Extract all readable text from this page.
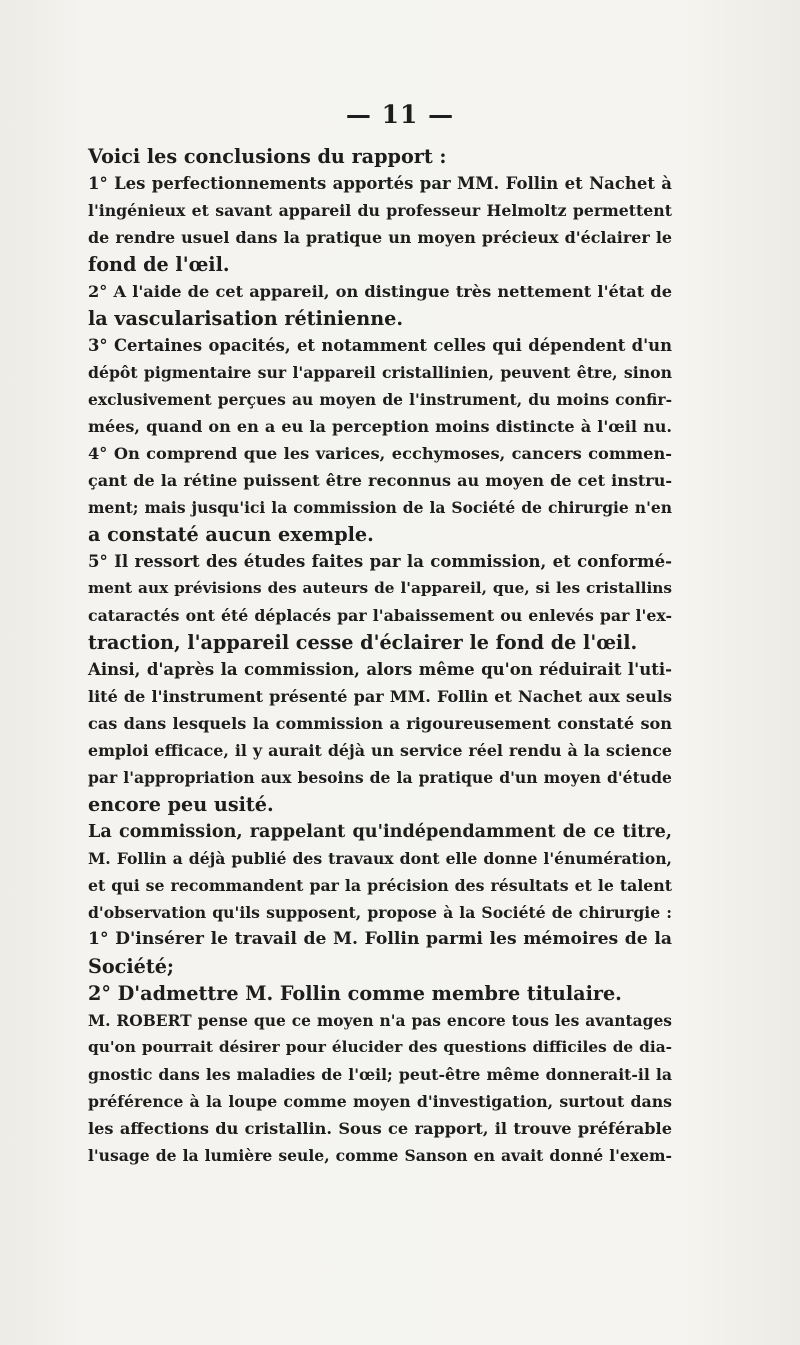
— 11 —
Voici les conclusions du rapport :
1° Les perfectionnements apportés par MM. Follin et Nachet à
l'ingénieux et savant appareil du professeur Helmoltz permettent
de rendre usuel dans la pratique un moyen précieux d'éclairer le
fond de l'œil.
2° A l'aide de cet appareil, on distingue très nettement l'état de
la vascularisation rétinienne.
3° Certaines opacités, et notamment celles qui dépendent d'un
dépôt pigmentaire sur l'appareil cristallinien, peuvent être, sinon
exclusivement perçues au moyen de l'instrument, du moins confir-
mées, quand on en a eu la perception moins distincte à l'œil nu.
4° On comprend que les varices, ecchymoses, cancers commen-
çant de la rétine puissent être reconnus au moyen de cet instru-
ment; mais jusqu'ici la commission de la Société de chirurgie n'en
a constaté aucun exemple.
5° Il ressort des études faites par la commission, et conformé-
ment aux prévisions des auteurs de l'appareil, que, si les cristallins
cataractés ont été déplacés par l'abaissement ou enlevés par l'ex-
traction, l'appareil cesse d'éclairer le fond de l'œil.
Ainsi, d'après la commission, alors même qu'on réduirait l'uti-
lité de l'instrument présenté par MM. Follin et Nachet aux seuls
cas dans lesquels la commission a rigoureusement constaté son
emploi efficace, il y aurait déjà un service réel rendu à la science
par l'appropriation aux besoins de la pratique d'un moyen d'étude
encore peu usité.
La commission, rappelant qu'indépendamment de ce titre,
M. Follin a déjà publié des travaux dont elle donne l'énumération,
et qui se recommandent par la précision des résultats et le talent
d'observation qu'ils supposent, propose à la Société de chirurgie :
1° D'insérer le travail de M. Follin parmi les mémoires de la
Société;
2° D'admettre M. Follin comme membre titulaire.
M. ROBERT pense que ce moyen n'a pas encore tous les avantages
qu'on pourrait désirer pour élucider des questions difficiles de dia-
gnostic dans les maladies de l'œil; peut-être même donnerait-il la
préférence à la loupe comme moyen d'investigation, surtout dans
les affections du cristallin. Sous ce rapport, il trouve préférable
l'usage de la lumière seule, comme Sanson en avait donné l'exem-
